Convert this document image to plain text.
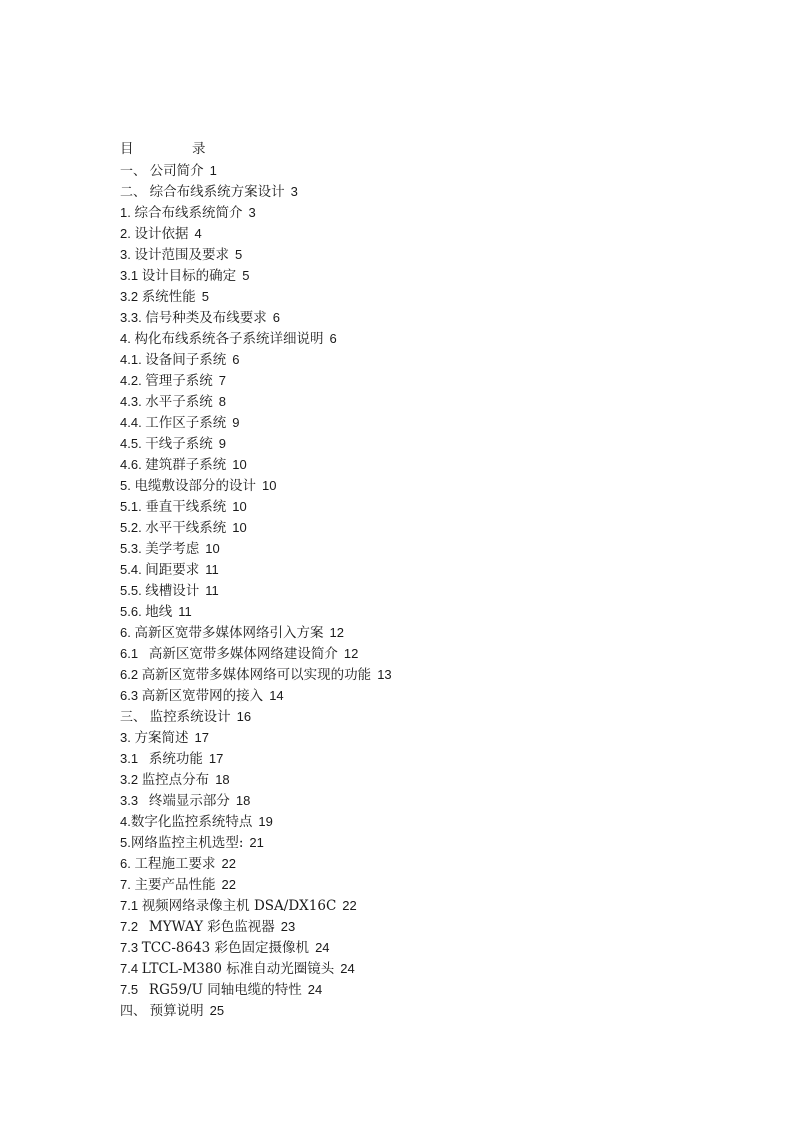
目	录
一、 公司简介 1
二、 综合布线系统方案设计 3
1. 综合布线系统简介 3
2. 设计依据 4
3. 设计范围及要求 5
3.1 设计目标的确定 5
3.2 系统性能 5
3.3. 信号种类及布线要求 6
4. 构化布线系统各子系统详细说明 6
4.1. 设备间子系统 6
4.2. 管理子系统 7
4.3. 水平子系统 8
4.4. 工作区子系统 9
4.5. 干线子系统 9
4.6. 建筑群子系统 10
5. 电缆敷设部分的设计 10
5.1. 垂直干线系统 10
5.2. 水平干线系统 10
5.3. 美学考虑 10
5.4. 间距要求 11
5.5. 线槽设计 11
5.6. 地线 11
6. 高新区宽带多媒体网络引入方案 12
6.1   高新区宽带多媒体网络建设简介 12
6.2 高新区宽带多媒体网络可以实现的功能 13
6.3 高新区宽带网的接入 14
三、 监控系统设计 16
3. 方案简述 17
3.1   系统功能 17
3.2 监控点分布 18
3.3   终端显示部分 18
4.数字化监控系统特点 19
5.网络监控主机选型: 21
6. 工程施工要求 22
7. 主要产品性能 22
7.1 视频网络录像主机 DSA/DX16C 22
7.2   MYWAY 彩色监视器 23
7.3 TCC-8643 彩色固定摄像机 24
7.4 LTCL-M380 标准自动光圈镜头 24
7.5   RG59/U 同轴电缆的特性 24
四、 预算说明 25
